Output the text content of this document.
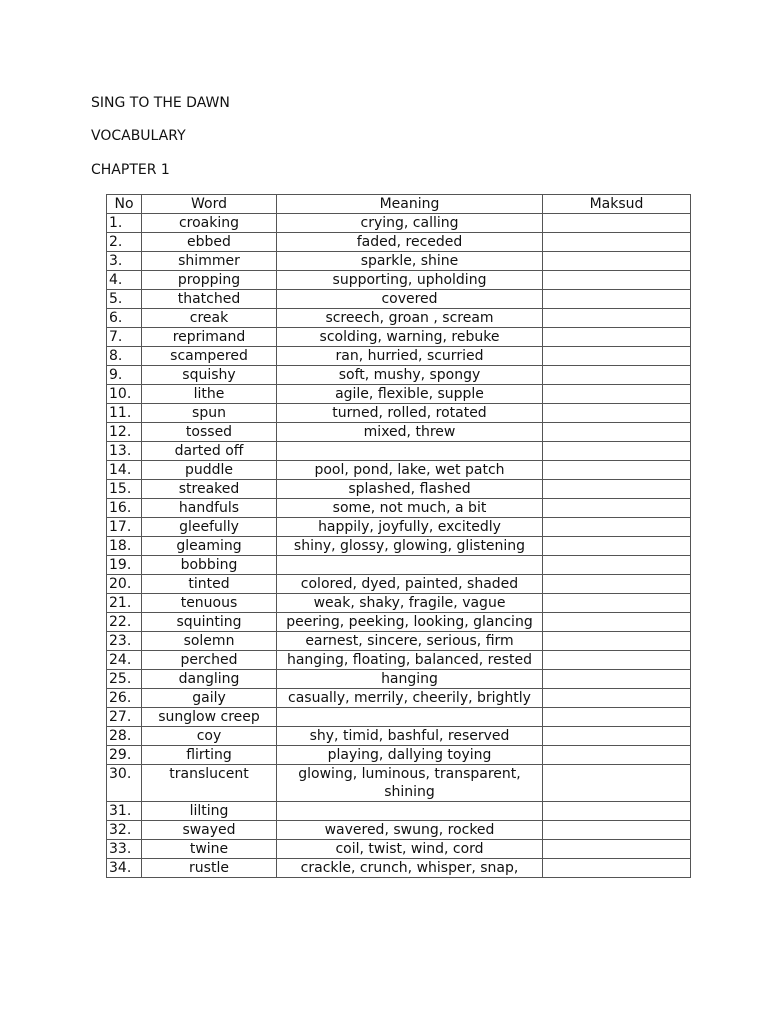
SING TO THE DAWN
VOCABULARY
CHAPTER 1
No	Word	Meaning	Maksud
1.	croaking	crying, calling	
2.	ebbed	faded, receded	
3.	shimmer	sparkle, shine	
4.	propping	supporting, upholding	
5.	thatched	covered	
6.	creak	screech, groan , scream	
7.	reprimand	scolding, warning, rebuke	
8.	scampered	ran, hurried, scurried	
9.	squishy	soft, mushy, spongy	
10.	lithe	agile, flexible, supple	
11.	spun	turned, rolled, rotated	
12.	tossed	mixed, threw	
13.	darted off		
14.	puddle	pool, pond, lake, wet patch	
15.	streaked	splashed, flashed	
16.	handfuls	some, not much, a bit	
17.	gleefully	happily, joyfully, excitedly	
18.	gleaming	shiny, glossy, glowing, glistening	
19.	bobbing		
20.	tinted	colored, dyed, painted, shaded	
21.	tenuous	weak, shaky, fragile, vague	
22.	squinting	peering, peeking, looking, glancing	
23.	solemn	earnest, sincere, serious, firm	
24.	perched	hanging, floating, balanced, rested	
25.	dangling	hanging	
26.	gaily	casually, merrily, cheerily, brightly	
27.	sunglow creep		
28.	coy	shy, timid, bashful, reserved	
29.	flirting	playing, dallying toying	
30.	translucent	glowing, luminous, transparent, shining	
31.	lilting		
32.	swayed	wavered, swung, rocked	
33.	twine	coil, twist, wind, cord	
34.	rustle	crackle, crunch, whisper, snap,	
